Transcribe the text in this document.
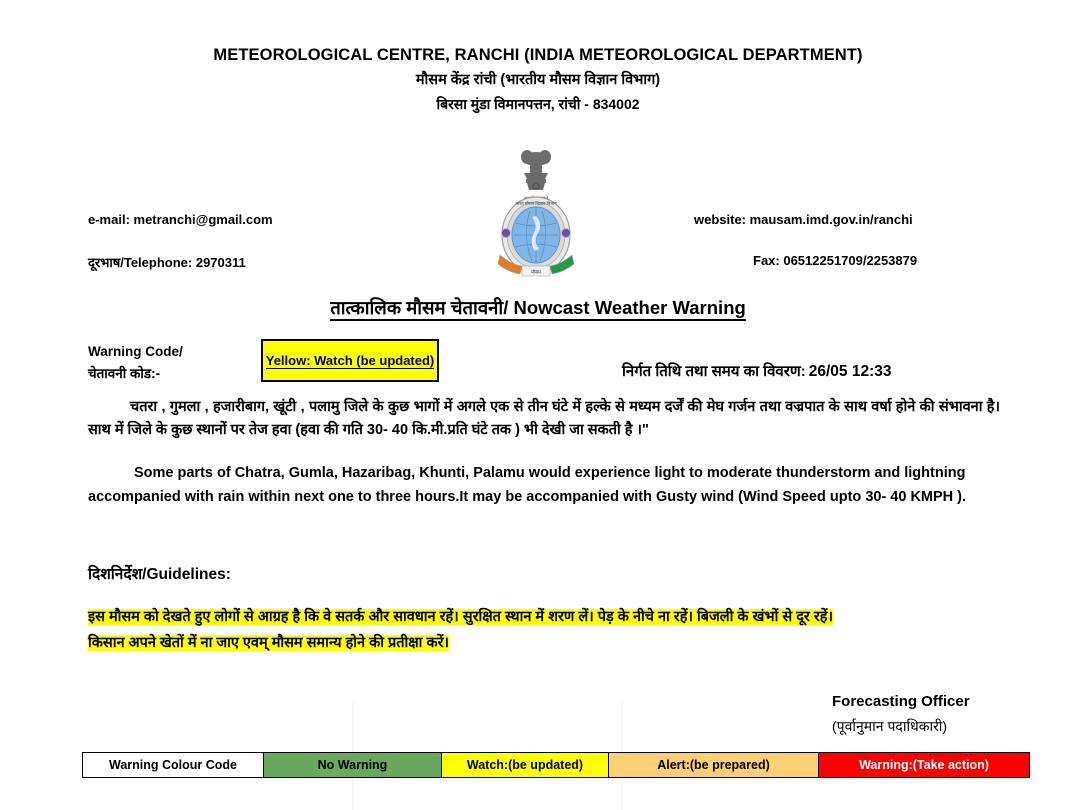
METEOROLOGICAL CENTRE, RANCHI (INDIA METEOROLOGICAL DEPARTMENT)
मौसम केंद्र रांची (भारतीय मौसम विज्ञान विभाग)
बिरसा मुंडा विमानपत्तन, रांची - 834002
भारत मौसम विज्ञान विभाग
मौसम
e-mail: metranchi@gmail.com	website: mausam.imd.gov.in/ranchi
दूरभाष/Telephone: 2970311	Fax: 06512251709/2253879
तात्कालिक मौसम चेतावनी/ Nowcast Weather Warning
Warning Code/
चेतावनी कोड:-
Yellow: Watch (be updated)
निर्गत तिथि तथा समय का विवरण: 26/05 12:33
चतरा , गुमला , हजारीबाग, खूंटी , पलामु जिले के कुछ भागों में अगले एक से तीन घंटे में हल्के से मध्यम दर्जें की मेघ गर्जन तथा वज्रपात के साथ वर्षा होने की संभावना है। साथ में जिले के कुछ स्थानों पर तेज हवा (हवा की गति 30- 40 कि.मी.प्रति घंटे तक ) भी देखी जा सकती है ।"
Some parts of Chatra, Gumla, Hazaribag, Khunti, Palamu would experience light to moderate thunderstorm and lightning accompanied with rain within next one to three hours.It may be accompanied with Gusty wind (Wind Speed upto 30- 40 KMPH ).
दिशनिर्देश/Guidelines:
इस मौसम को देखते हुए लोगों से आग्रह है कि वे सतर्क और सावधान रहें। सुरक्षित स्थान में शरण लें। पेड़ के नीचे ना रहें। बिजली के खंभों से दूर रहें।
किसान अपने खेतों में ना जाए एवम् मौसम समान्य होने की प्रतीक्षा करें।
Forecasting Officer
(पूर्वानुमान पदाधिकारी)
Warning Colour Code	No Warning	Watch:(be updated)	Alert:(be prepared)	Warning:(Take action)
